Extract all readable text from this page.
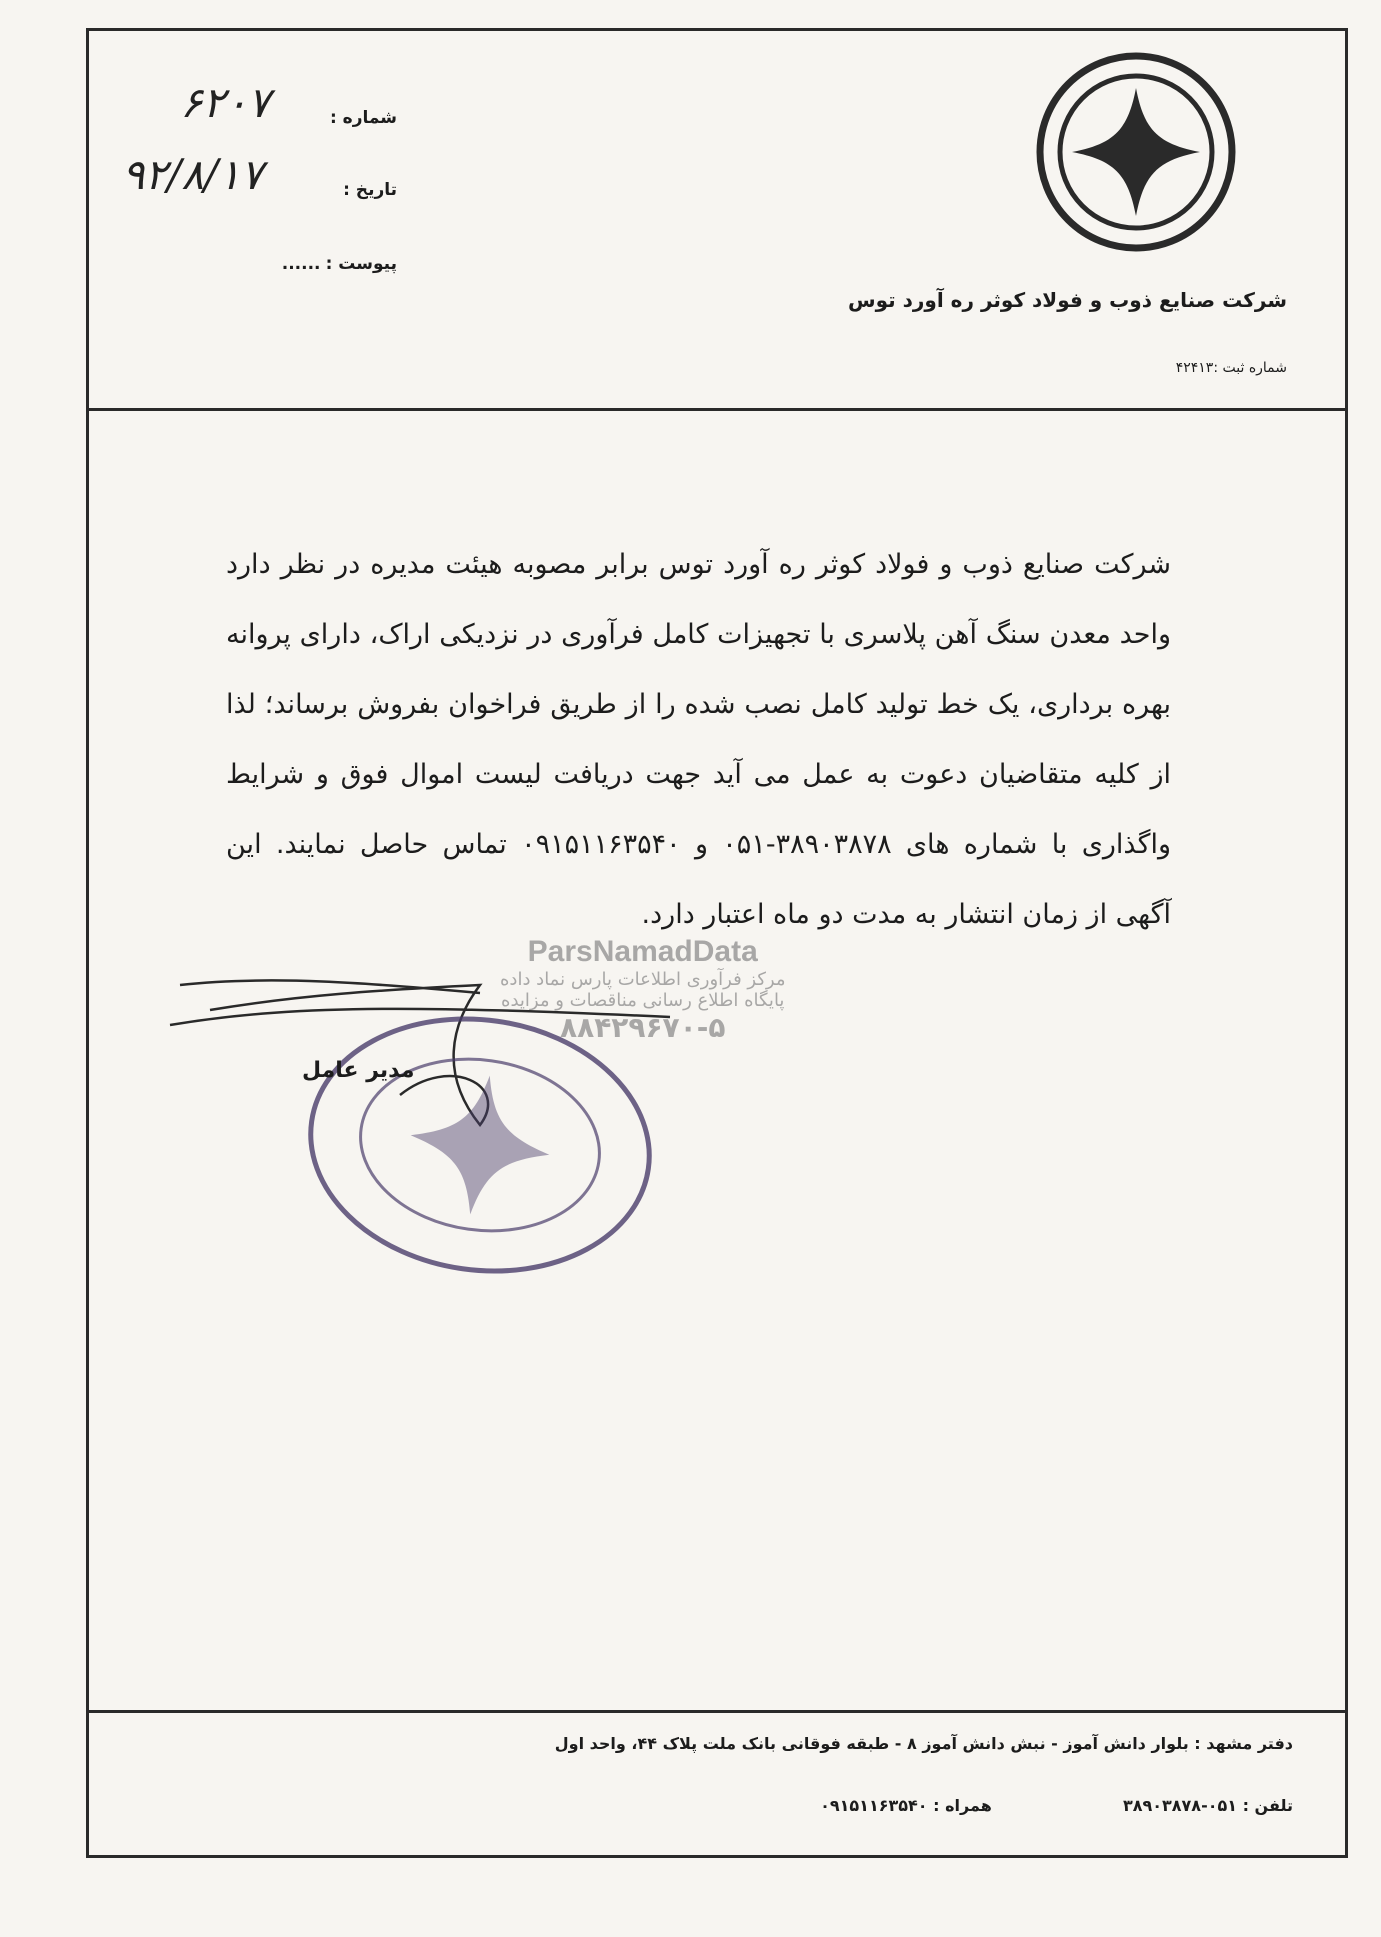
شماره :
۶۲۰۷
تاریخ :
۹۲/۸/۱۷
پیوست : ......
شرکت صنایع ذوب و فولاد کوثر ره آورد توس
شماره ثبت :۴۲۴۱۳
شرکت صنایع ذوب و فولاد کوثر ره آورد توس برابر مصوبه هیئت مدیره در نظر دارد واحد معدن سنگ آهن پلاسری با تجهیزات کامل فرآوری در نزدیکی اراک، دارای پروانه بهره برداری، یک خط تولید کامل نصب شده را از طریق فراخوان بفروش برساند؛ لذا از کلیه متقاضیان دعوت به عمل می آید جهت دریافت لیست اموال فوق و شرایط واگذاری با شماره های ۳۸۹۰۳۸۷۸-۰۵۱ و ۰۹۱۵۱۱۶۳۵۴۰ تماس حاصل نمایند. این آگهی از زمان انتشار به مدت دو ماه اعتبار دارد.
ParsNamadData
مرکز فرآوری اطلاعات پارس نماد داده
پایگاه اطلاع رسانی مناقصات و مزایده
۸۸۴۲۹۶۷۰-۵
مدیر عامل
دفتر مشهد : بلوار دانش آموز - نبش دانش آموز ۸ - طبقه فوقانی بانک ملت پلاک ۴۴، واحد اول
تلفن : ۰۵۱-۳۸۹۰۳۸۷۸  همراه : ۰۹۱۵۱۱۶۳۵۴۰
